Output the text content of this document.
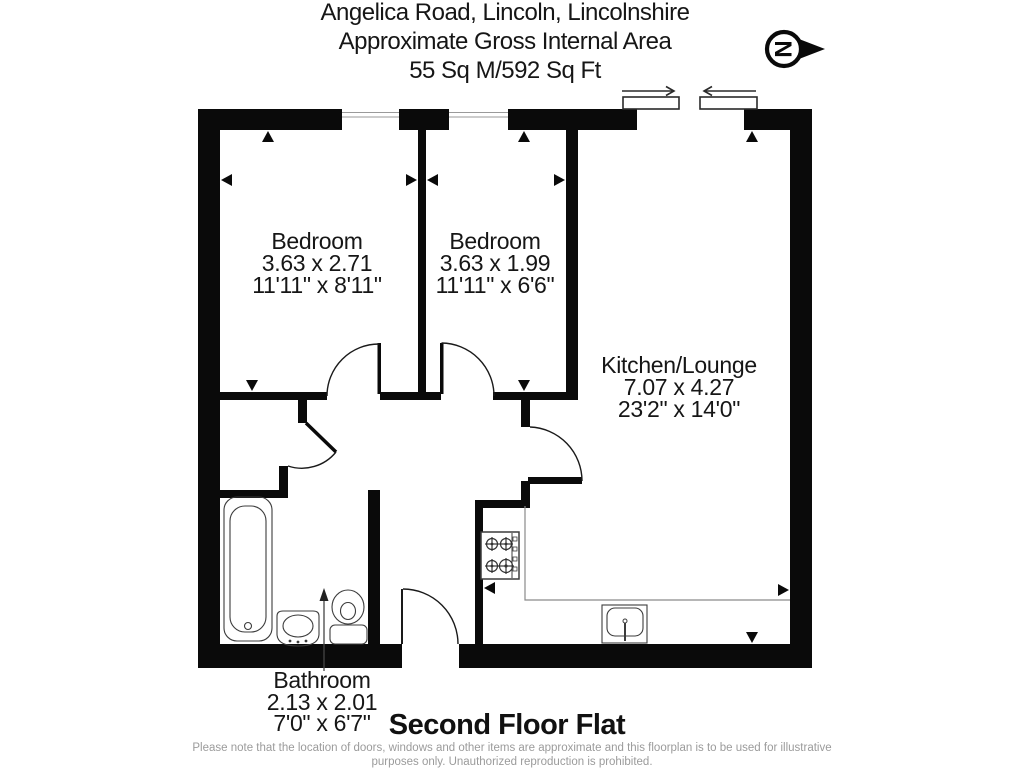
Angelica Road, Lincoln, Lincolnshire
Approximate Gross Internal Area
55 Sq M/592 Sq Ft
N
Bedroom
3.63 x 2.71
11'11" x 8'11"
Bedroom
3.63 x 1.99
11'11" x 6'6"
Kitchen/Lounge
7.07 x 4.27
23'2" x 14'0"
Bathroom
2.13 x 2.01
7'0" x 6'7" Second Floor Flat
Please note that the location of doors, windows and other items are approximate and this floorplan is to be used for illustrative
purposes only. Unauthorized reproduction is prohibited.
